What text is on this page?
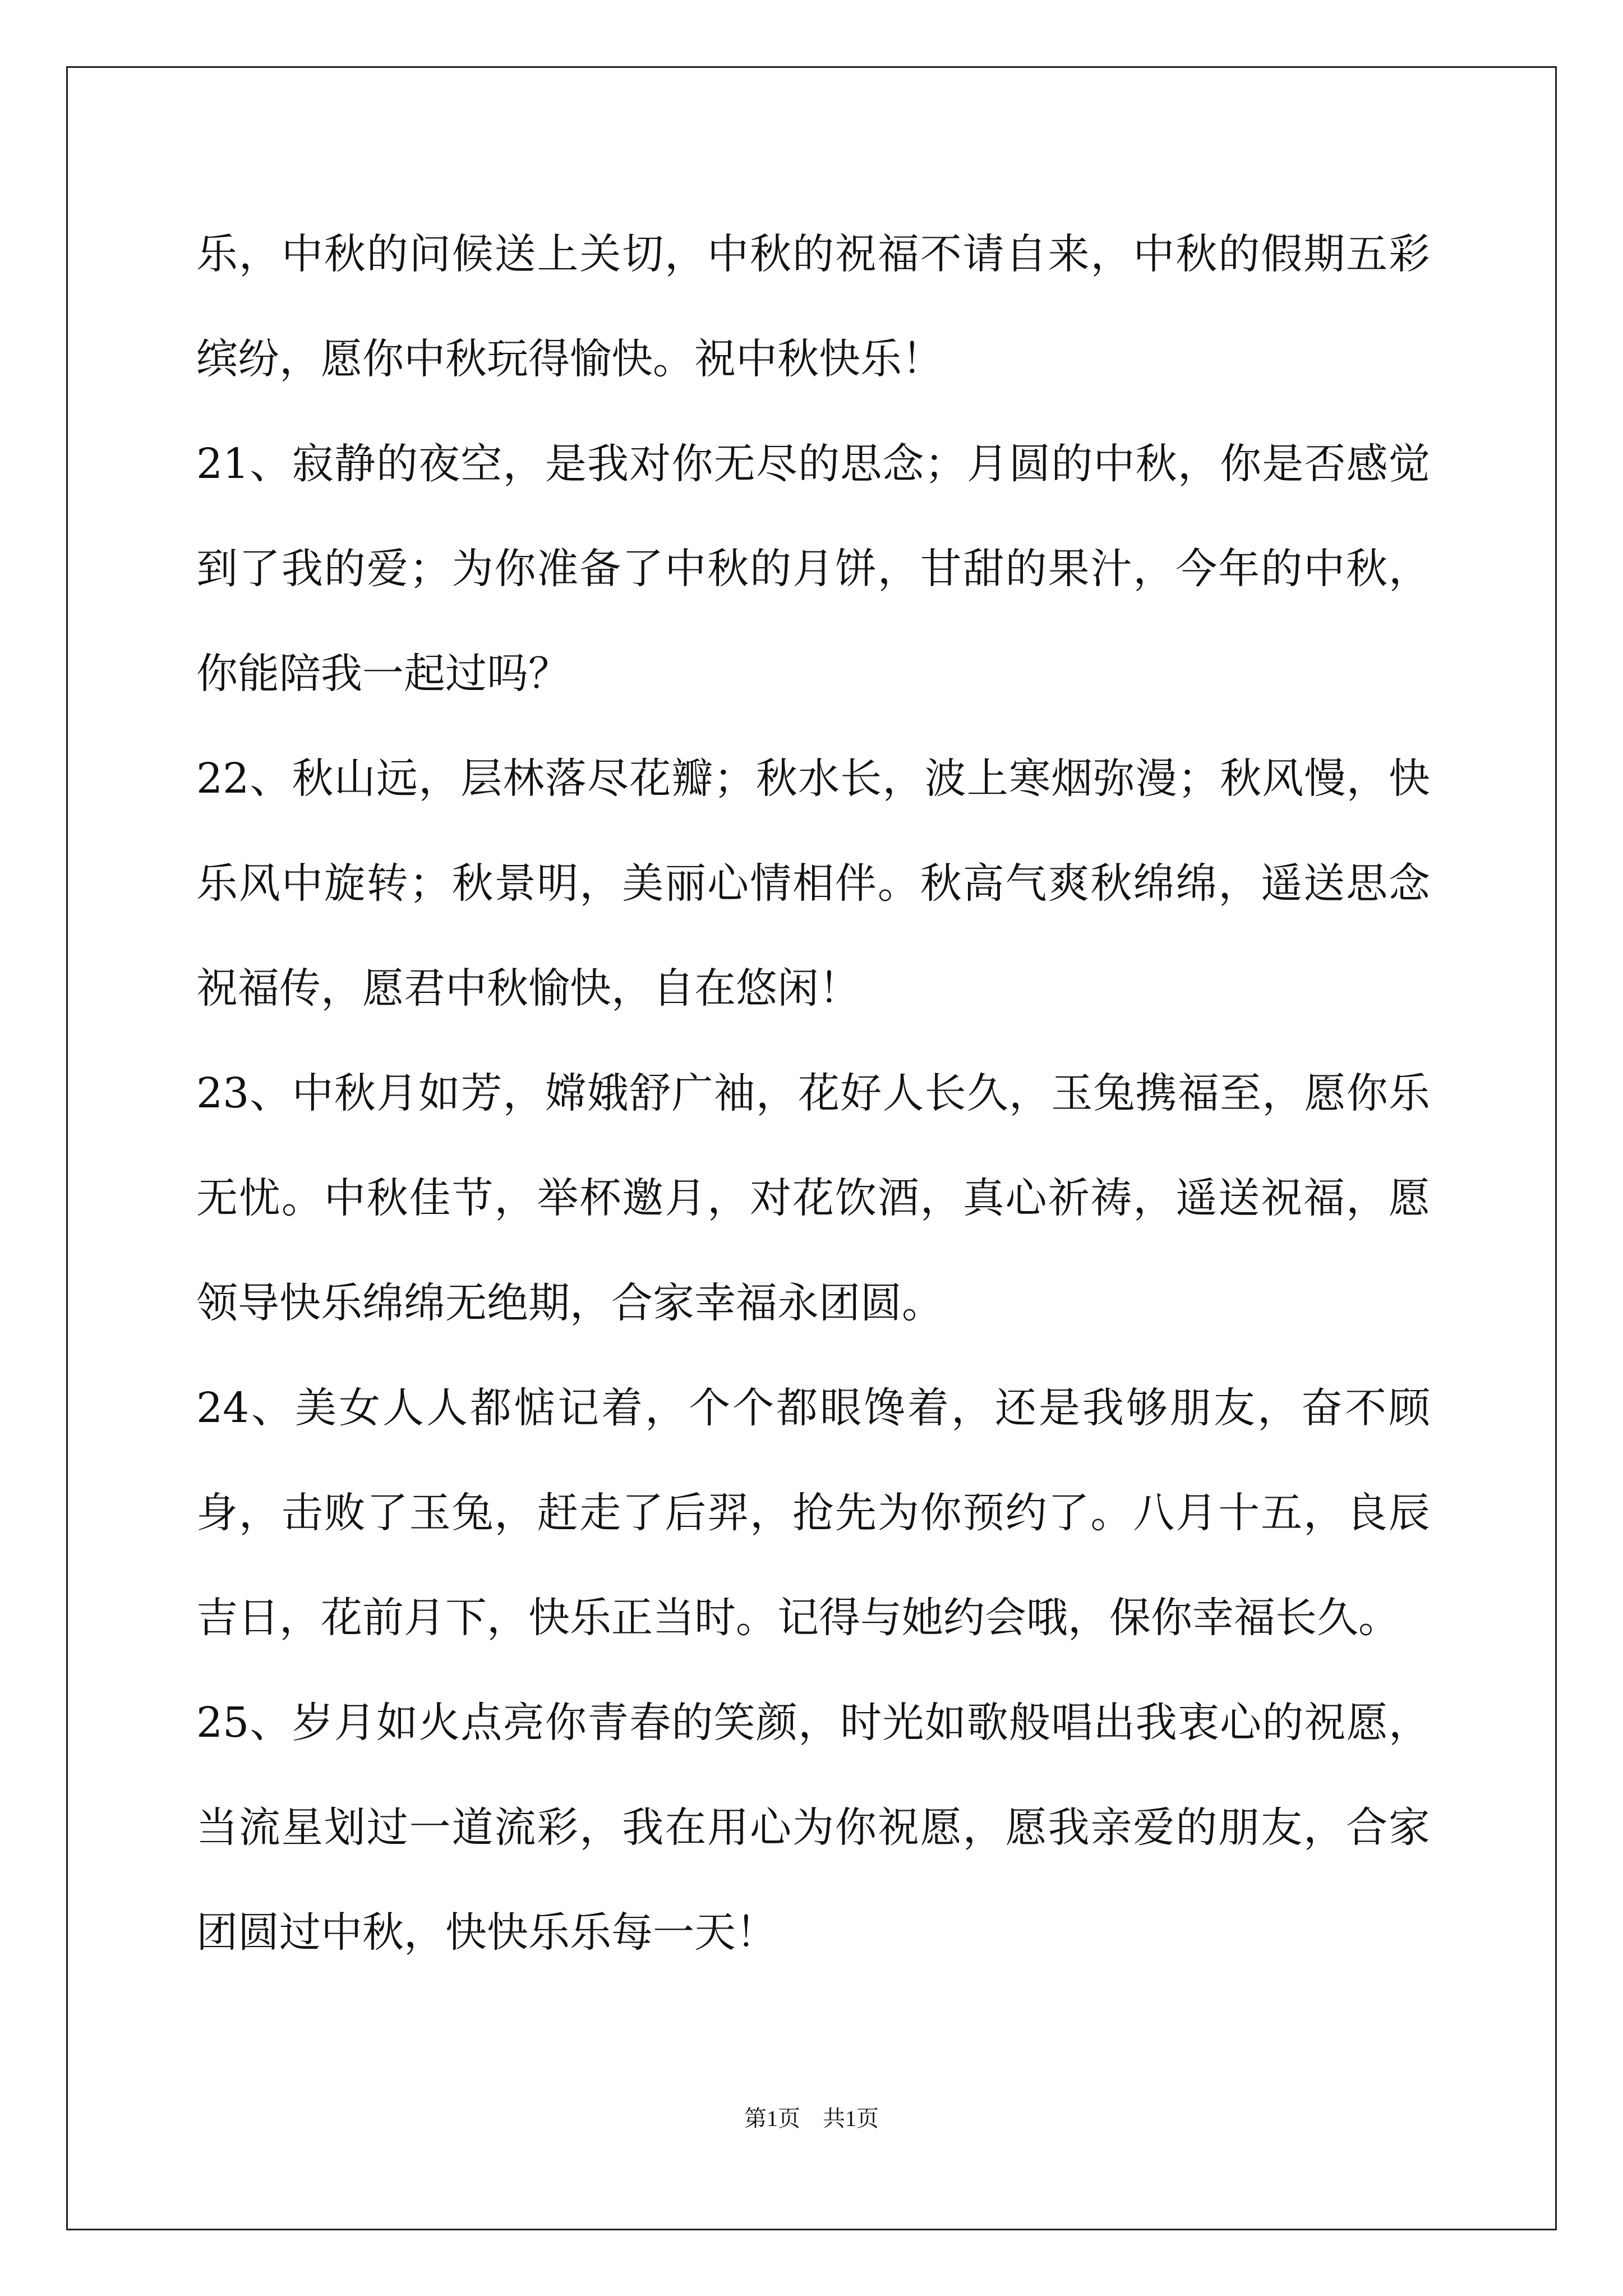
乐，中秋的问候送上关切，中秋的祝福不请自来，中秋的假期五彩缤纷，愿你中秋玩得愉快。祝中秋快乐！

21、寂静的夜空，是我对你无尽的思念；月圆的中秋，你是否感觉到了我的爱；为你准备了中秋的月饼，甘甜的果汁，今年的中秋，你能陪我一起过吗？

22、秋山远，层林落尽花瓣；秋水长，波上寒烟弥漫；秋风慢，快乐风中旋转；秋景明，美丽心情相伴。秋高气爽秋绵绵，遥送思念祝福传，愿君中秋愉快，自在悠闲！

23、中秋月如芳，嫦娥舒广袖，花好人长久，玉兔携福至，愿你乐无忧。中秋佳节，举杯邀月，对花饮酒，真心祈祷，遥送祝福，愿领导快乐绵绵无绝期，合家幸福永团圆。

24、美女人人都惦记着，个个都眼馋着，还是我够朋友，奋不顾身，击败了玉兔，赶走了后羿，抢先为你预约了。八月十五，良辰吉日，花前月下，快乐正当时。记得与她约会哦，保你幸福长久。

25、岁月如火点亮你青春的笑颜，时光如歌般唱出我衷心的祝愿，当流星划过一道流彩，我在用心为你祝愿，愿我亲爱的朋友，合家团圆过中秋，快快乐乐每一天！

第1页 共1页
